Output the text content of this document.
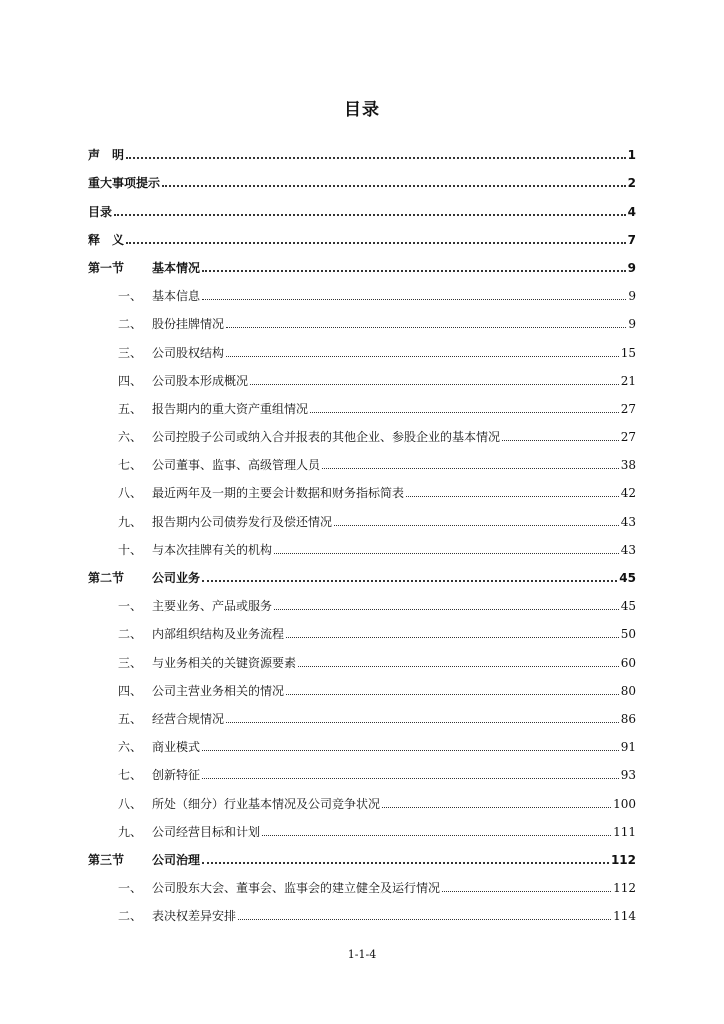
目录
声　明	1
重大事项提示	2
目录	4
释　义	7
第一节	基本情况	9
一、 基本信息	9
二、 股份挂牌情况	9
三、 公司股权结构	15
四、 公司股本形成概况	21
五、 报告期内的重大资产重组情况	27
六、 公司控股子公司或纳入合并报表的其他企业、参股企业的基本情况	27
七、 公司董事、监事、高级管理人员	38
八、 最近两年及一期的主要会计数据和财务指标简表	42
九、 报告期内公司债券发行及偿还情况	43
十、 与本次挂牌有关的机构	43
第二节	公司业务	45
一、 主要业务、产品或服务	45
二、 内部组织结构及业务流程	50
三、 与业务相关的关键资源要素	60
四、 公司主营业务相关的情况	80
五、 经营合规情况	86
六、 商业模式	91
七、 创新特征	93
八、 所处（细分）行业基本情况及公司竞争状况	100
九、 公司经营目标和计划	111
第三节	公司治理	112
一、 公司股东大会、董事会、监事会的建立健全及运行情况	112
二、 表决权差异安排	114
1-1-4
